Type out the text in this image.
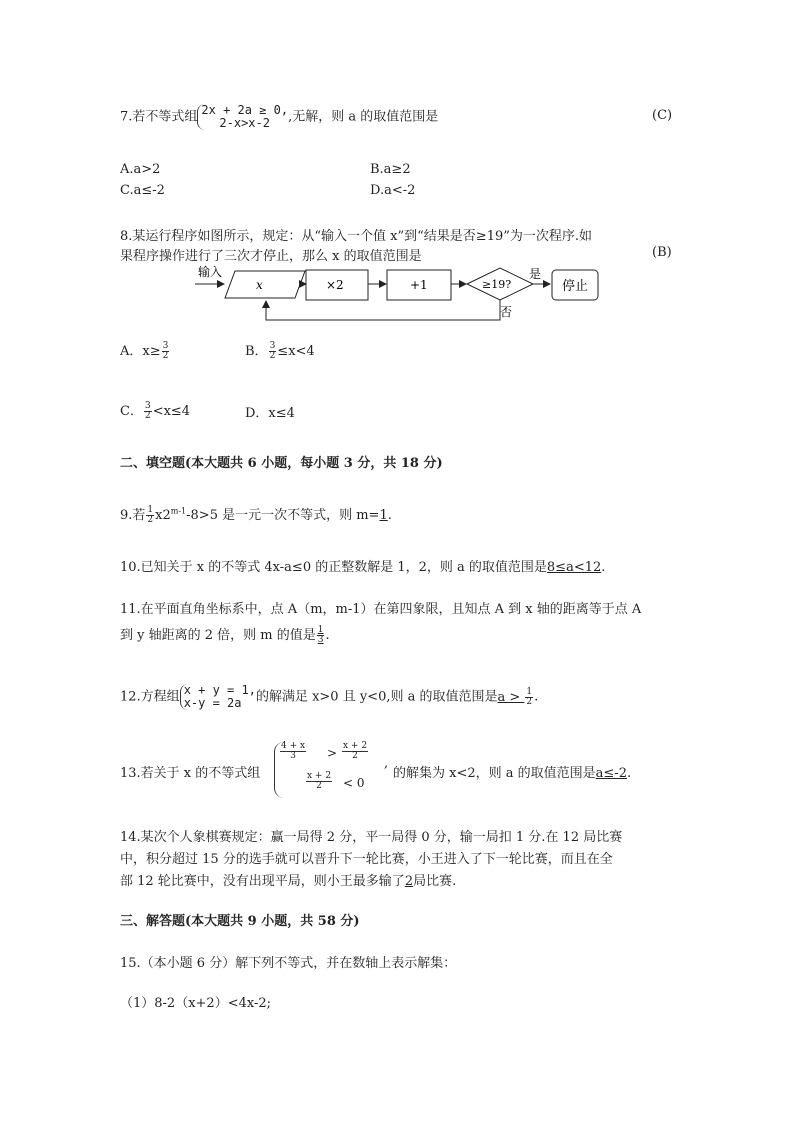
7.若不等式组 2x + 2a ≥ 0,
2-x>x-2	,无解，则 a 的取值范围是	(C)
A.a>2	B.a≥2
C.a≤-2	D.a<-2
8.某运行程序如图所示，规定：从“输入一个值 x”到“结果是否≥19”为一次程序.如
果程序操作进行了三次才停止，那么 x 的取值范围是	(B)
输入
x	×2	+1	≥19?
是
停止
否
A．$x\ge \frac{3}{2}$	B． $\frac{3}{2} \le x<4$
C． $\frac{3}{2} <x\le 4$	D．x≤4
二、填空题(本大题共 6 小题，每小题 3 分，共 18 分)
9.若 $\frac{1}{2} x2^{m-1}-8>5$ 是一元一次不等式，则 m=1.
10.已知关于 x 的不等式 4x-a≤0 的正整数解是 1，2，则 a 的取值范围是8≤a<12.
11.在平面直角坐标系中，点 A（m，m-1）在第四象限，且知点 A 到 x 轴的距离等于点 A
到 y 轴距离的 2 倍，则 m 的值是 $\frac{1}{3}$ .
12.方程组 x + y = 1,
x-y = 2a	的解满足 x>0 且 y<0,则 a 的取值范围是$a > \frac{1}{2}$ .
13.若关于 x 的不等式组
$\frac{4 + x}{3} > \frac{x + 2}{2}$
$\frac{x + 2}{2} < 0$
,
的解集为 x<2，则 a 的取值范围是a≤-2.
14.某次个人象棋赛规定：赢一局得 2 分，平一局得 0 分，输一局扣 1 分.在 12 局比赛
中，积分超过 15 分的选手就可以晋升下一轮比赛，小王进入了下一轮比赛，而且在全
部 12 轮比赛中，没有出现平局，则小王最多输了2局比赛.
三、解答题(本大题共 9 小题，共 58 分)
15.（本小题 6 分）解下列不等式，并在数轴上表示解集：
（1）8-2（x+2）<4x-2;
